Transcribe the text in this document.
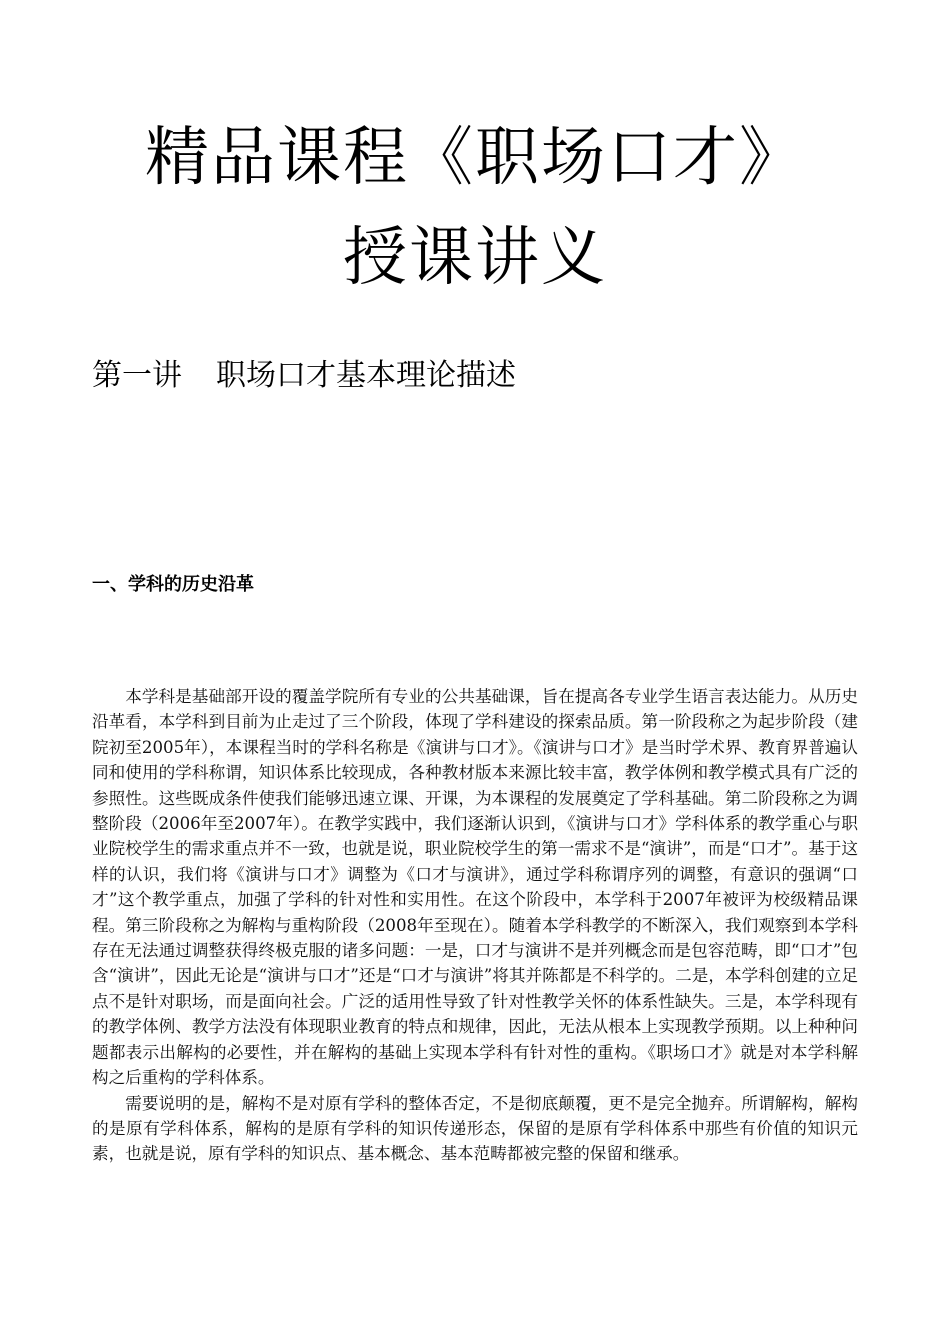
精品课程《职场口才》
授课讲义
第一讲 职场口才基本理论描述
一、学科的历史沿革

本学科是基础部开设的覆盖学院所有专业的公共基础课，旨在提高各专业学生语言表达能力。从历史沿革看，本学科到目前为止走过了三个阶段，体现了学科建设的探索品质。第一阶段称之为起步阶段（建院初至2005年），本课程当时的学科名称是《演讲与口才》。《演讲与口才》是当时学术界、教育界普遍认同和使用的学科称谓，知识体系比较现成，各种教材版本来源比较丰富，教学体例和教学模式具有广泛的参照性。这些既成条件使我们能够迅速立课、开课，为本课程的发展奠定了学科基础。第二阶段称之为调整阶段（2006年至2007年）。在教学实践中，我们逐渐认识到，《演讲与口才》学科体系的教学重心与职业院校学生的需求重点并不一致，也就是说，职业院校学生的第一需求不是“演讲”，而是“口才”。基于这样的认识，我们将《演讲与口才》调整为《口才与演讲》，通过学科称谓序列的调整，有意识的强调“口才”这个教学重点，加强了学科的针对性和实用性。在这个阶段中，本学科于2007年被评为校级精品课程。第三阶段称之为解构与重构阶段（2008年至现在）。随着本学科教学的不断深入，我们观察到本学科存在无法通过调整获得终极克服的诸多问题：一是，口才与演讲不是并列概念而是包容范畴，即“口才”包含“演讲”，因此无论是“演讲与口才”还是“口才与演讲”将其并陈都是不科学的。二是，本学科创建的立足点不是针对职场，而是面向社会。广泛的适用性导致了针对性教学关怀的体系性缺失。三是，本学科现有的教学体例、教学方法没有体现职业教育的特点和规律，因此，无法从根本上实现教学预期。以上种种问题都表示出解构的必要性，并在解构的基础上实现本学科有针对性的重构。《职场口才》就是对本学科解构之后重构的学科体系。

需要说明的是，解构不是对原有学科的整体否定，不是彻底颠覆，更不是完全抛弃。所谓解构，解构的是原有学科体系，解构的是原有学科的知识传递形态，保留的是原有学科体系中那些有价值的知识元素，也就是说，原有学科的知识点、基本概念、基本范畴都被完整的保留和继承。
